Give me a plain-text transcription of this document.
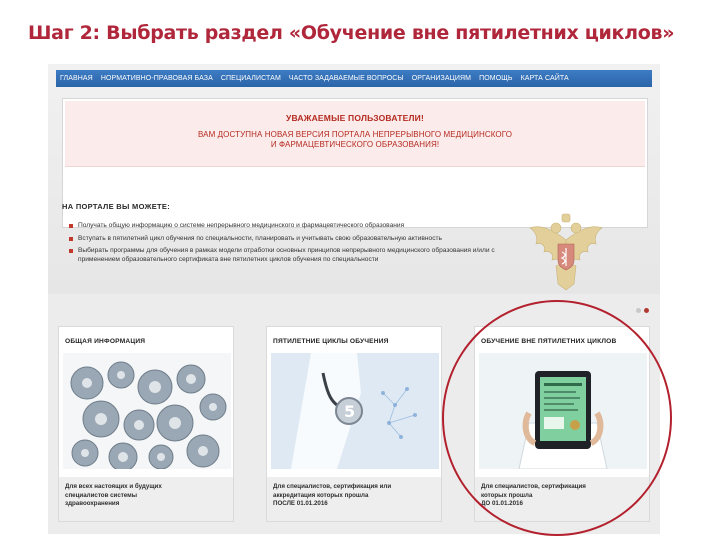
Шаг 2: Выбрать раздел «Обучение вне пятилетних циклов»
ГЛАВНАЯ НОРМАТИВНО-ПРАВОВАЯ БАЗА СПЕЦИАЛИСТАМ ЧАСТО ЗАДАВАЕМЫЕ ВОПРОСЫ ОРГАНИЗАЦИЯМ ПОМОЩЬ КАРТА САЙТА
УВАЖАЕМЫЕ ПОЛЬЗОВАТЕЛИ!
ВАМ ДОСТУПНА НОВАЯ ВЕРСИЯ ПОРТАЛА НЕПРЕРЫВНОГО МЕДИЦИНСКОГО
И ФАРМАЦЕВТИЧЕСКОГО ОБРАЗОВАНИЯ!
НА ПОРТАЛЕ ВЫ МОЖЕТЕ:
Получать общую информацию о системе непрерывного медицинского и фармацевтического образования
Вступать в пятилетний цикл обучения по специальности, планировать и учитывать свою образовательную активность
Выбирать программы для обучения в рамках модели отработки основных принципов непрерывного медицинского образования и/или с применением образовательного сертификата вне пятилетних циклов обучения по специальности
ОБЩАЯ ИНФОРМАЦИЯ

Для всех настоящих и будущих

специалистов системы

здравоохранения

ПЯТИЛЕТНИЕ ЦИКЛЫ ОБУЧЕНИЯ
5

Для специалистов, сертификация или

аккредитация которых прошла

ПОСЛЕ 01.01.2016

ОБУЧЕНИЕ ВНЕ ПЯТИЛЕТНИХ ЦИКЛОВ

Для специалистов, сертификация

которых прошла

ДО 01.01.2016
